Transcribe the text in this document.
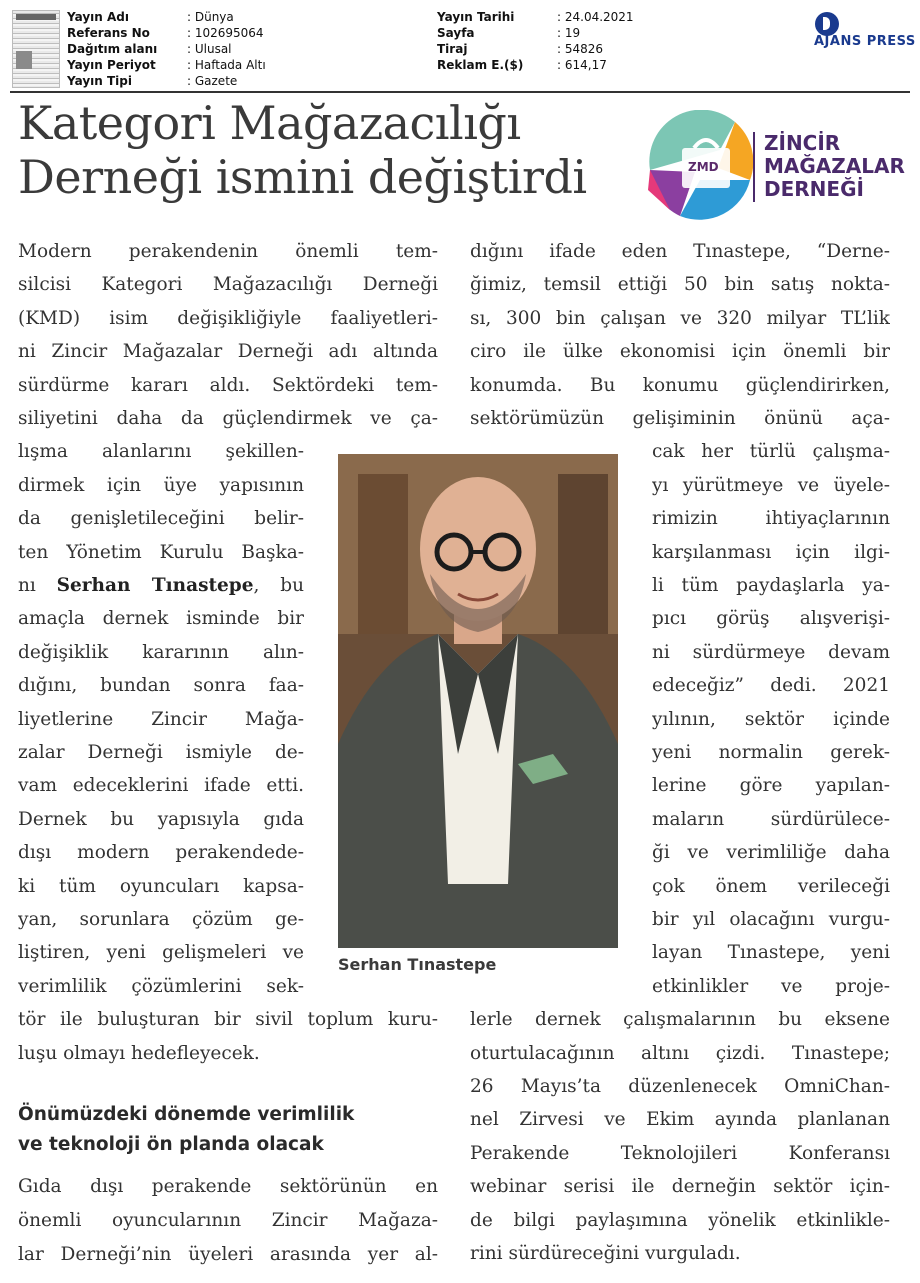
Yayın Adı	: Dünya
Referans No	: 102695064
Dağıtım alanı : Ulusal
Yayın Periyot	: Haftada Altı
Yayın Tipi	: Gazete
Yayın Tarihi	: 24.04.2021
Sayfa	: 19
Tiraj	: 54826
Reklam E.($)	: 614,17
AJANS PRESS
Kategori Mağazacılığı
Derneği ismini değiştirdi	ZMD
ZİNCİR
MAĞAZALAR
DERNEĞİ
Modern perakendenin önemli tem-
silcisi Kategori Mağazacılığı Derneği
(KMD) isim değişikliğiyle faaliyetleri-
ni Zincir Mağazalar Derneği adı altında
sürdürme kararı aldı. Sektördeki tem-
siliyetini daha da güçlendirmek ve ça-
lışma alanlarını şekillen-
dirmek için üye yapısının
da genişletileceğini belir-
ten Yönetim Kurulu Başka-
nı Serhan Tınastepe, bu
amaçla dernek isminde bir
değişiklik kararının alın-
dığını, bundan sonra faa-
liyetlerine Zincir Mağa-
zalar Derneği ismiyle de-
vam edeceklerini ifade etti.
Dernek bu yapısıyla gıda
dışı modern perakendede-
ki tüm oyuncuları kapsa-
yan, sorunlara çözüm ge-
liştiren, yeni gelişmeleri ve
verimlilik çözümlerini sek-
tör ile buluşturan bir sivil toplum kuru-
luşu olmayı hedefleyecek.
Önümüzdeki dönemde verimlilik
ve teknoloji ön planda olacak
Gıda dışı perakende sektörünün en
önemli oyuncularının Zincir Mağaza-
lar Derneği’nin üyeleri arasında yer al-
dığını ifade eden Tınastepe, “Derne-
ğimiz, temsil ettiği 50 bin satış nokta-
sı, 300 bin çalışan ve 320 milyar TL’lik
ciro ile ülke ekonomisi için önemli bir
konumda. Bu konumu güçlendirirken,
sektörümüzün gelişiminin önünü aça-
cak her türlü çalışma-
yı yürütmeye ve üyele-
rimizin ihtiyaçlarının
karşılanması için ilgi-
li tüm paydaşlarla ya-
pıcı görüş alışverişi-
ni sürdürmeye devam
edeceğiz” dedi. 2021
yılının, sektör içinde
yeni normalin gerek-
lerine göre yapılan-
maların sürdürülece-
ği ve verimliliğe daha
çok önem verileceği
bir yıl olacağını vurgu-
layan Tınastepe, yeni
etkinlikler ve proje-
lerle dernek çalışmalarının bu eksene
oturtulacağının altını çizdi. Tınastepe;
26 Mayıs’ta düzenlenecek OmniChan-
nel Zirvesi ve Ekim ayında planlanan
Perakende Teknolojileri Konferansı
webinar serisi ile derneğin sektör için-
de bilgi paylaşımına yönelik etkinlikle-
rini sürdüreceğini vurguladı.
Serhan Tınastepe
